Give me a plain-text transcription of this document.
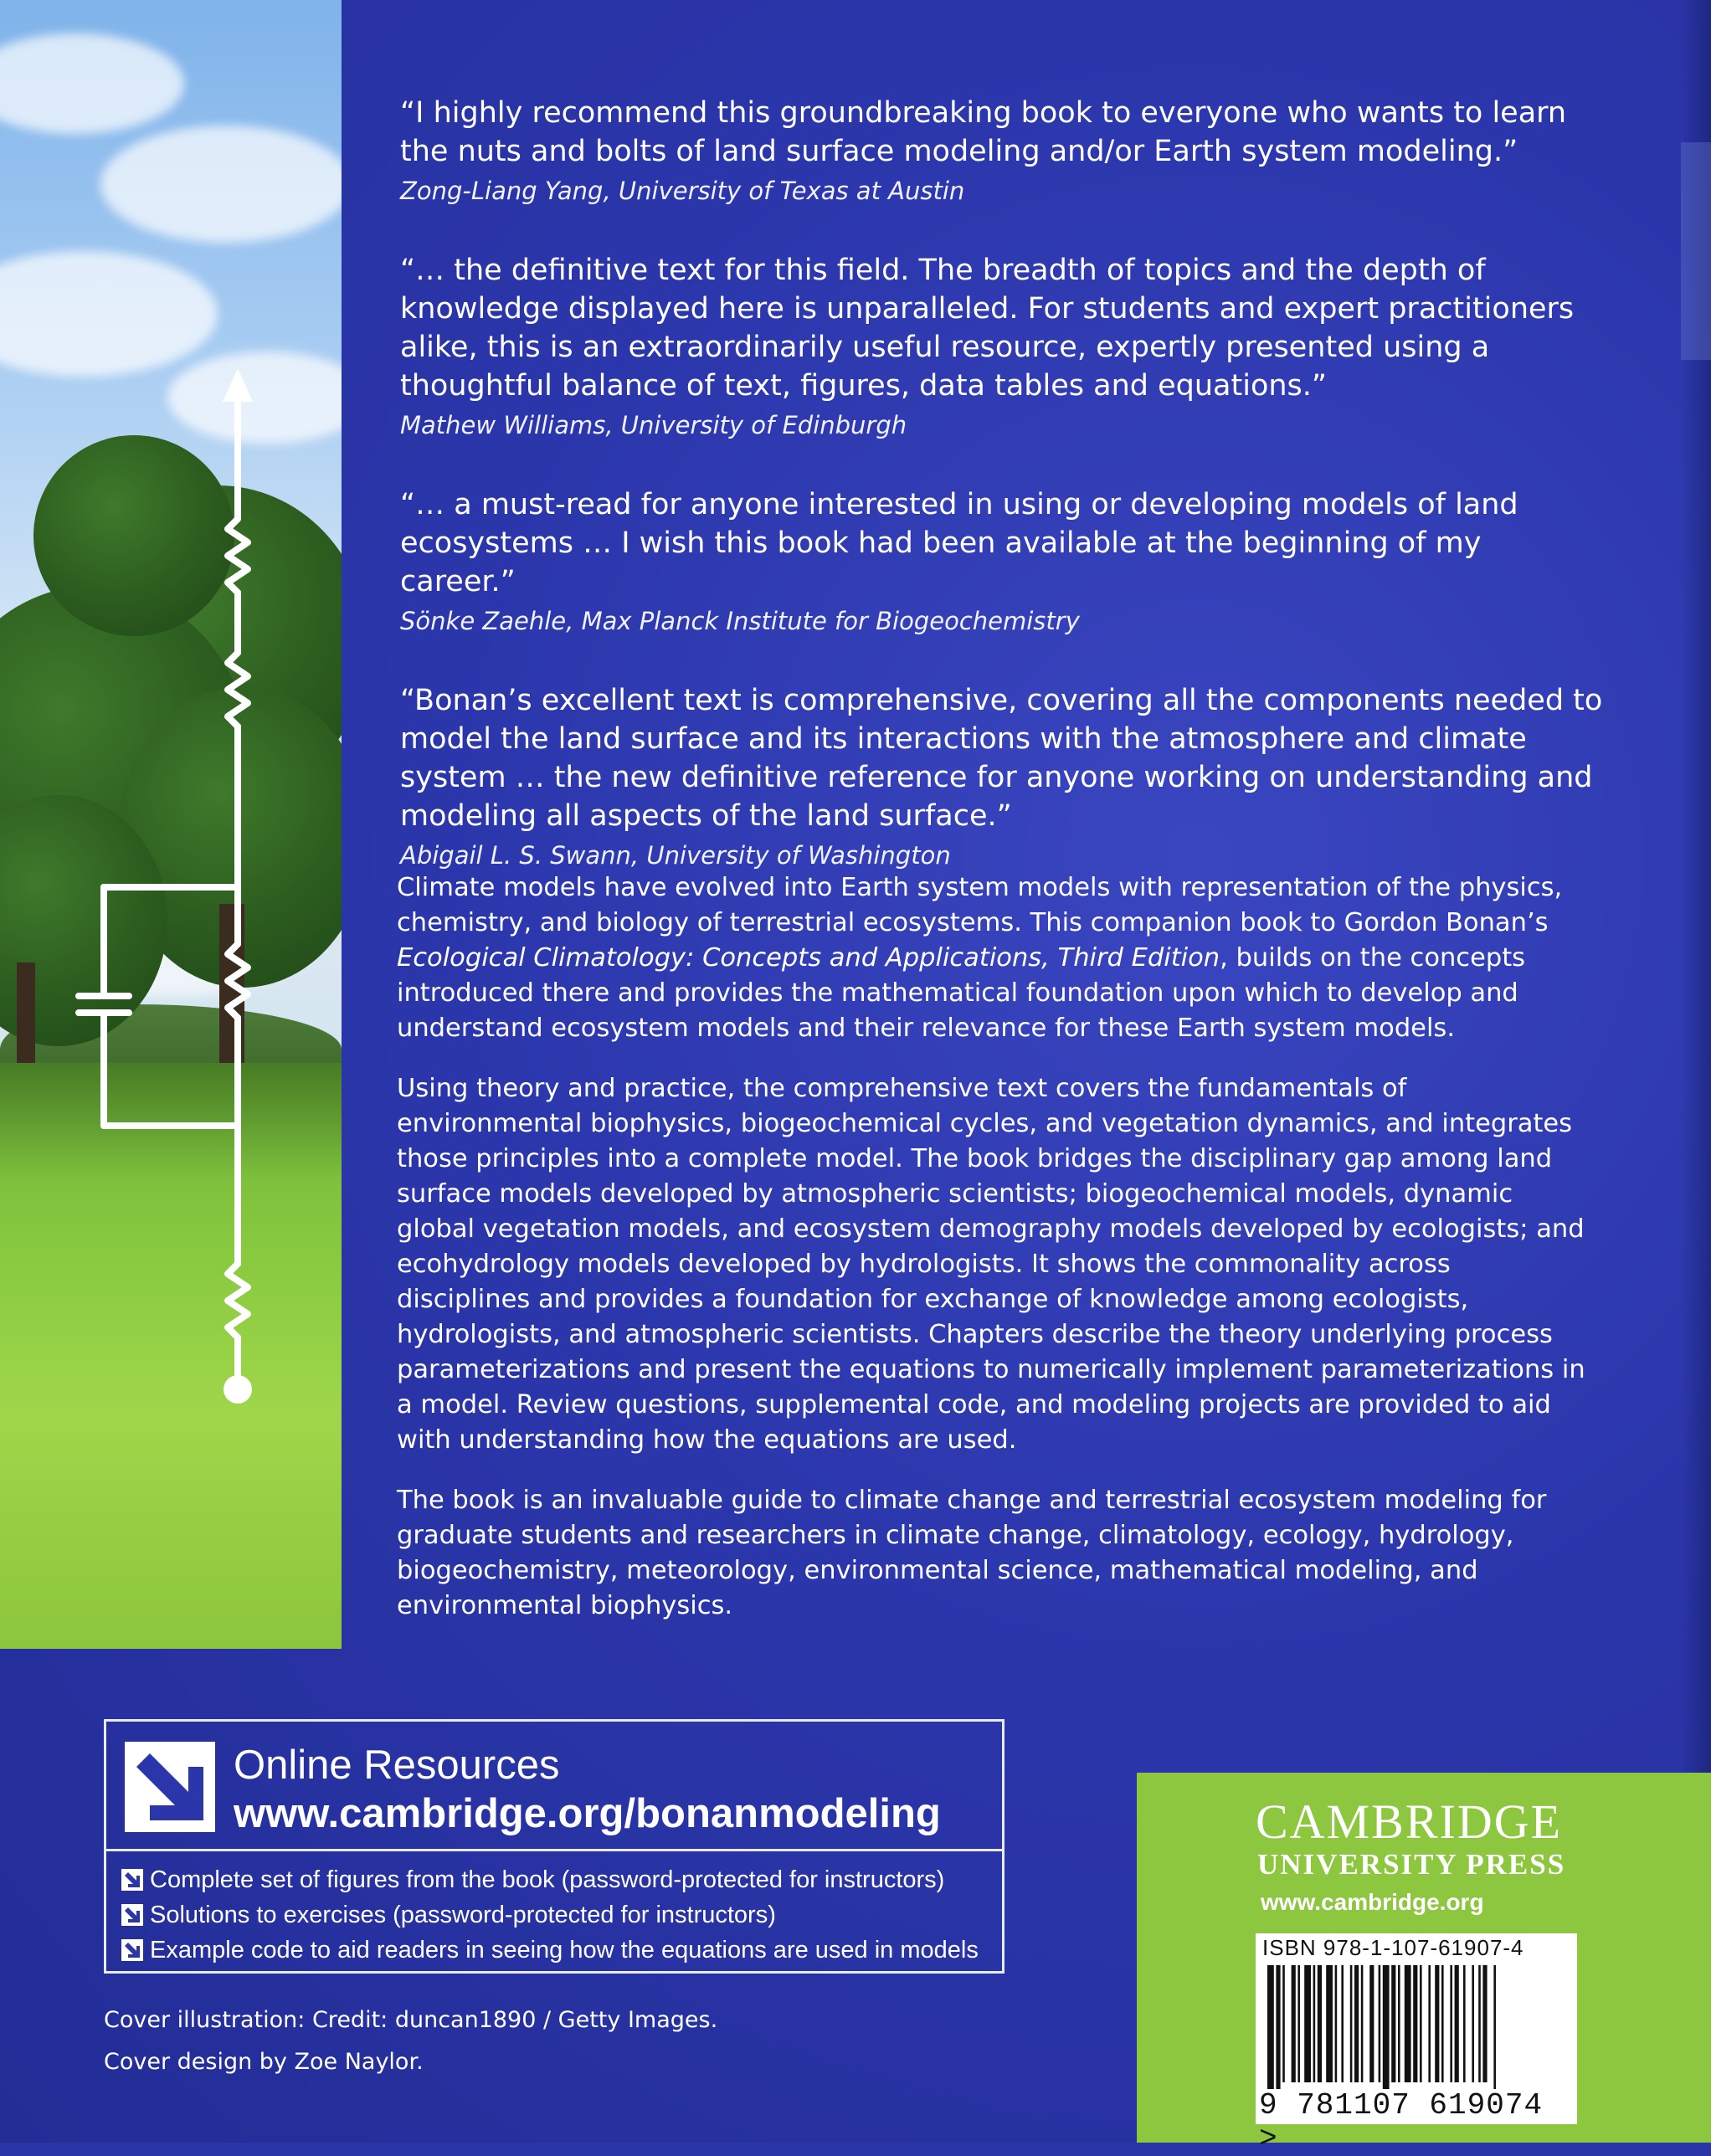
“I highly recommend this groundbreaking book to everyone who wants to learn the nuts and bolts of land surface modeling and/or Earth system modeling.”

Zong-Liang Yang, University of Texas at Austin

“… the definitive text for this field. The breadth of topics and the depth of knowledge displayed here is unparalleled. For students and expert practitioners alike, this is an extraordinarily useful resource, expertly presented using a thoughtful balance of text, figures, data tables and equations.”

Mathew Williams, University of Edinburgh

“… a must-read for anyone interested in using or developing models of land ecosystems … I wish this book had been available at the beginning of my career.”

Sönke Zaehle, Max Planck Institute for Biogeochemistry

“Bonan’s excellent text is comprehensive, covering all the components needed to model the land surface and its interactions with the atmosphere and climate system … the new definitive reference for anyone working on understanding and modeling all aspects of the land surface.”

Abigail L. S. Swann, University of Washington

Climate models have evolved into Earth system models with representation of the physics, chemistry, and biology of terrestrial ecosystems. This companion book to Gordon Bonan’s Ecological Climatology: Concepts and Applications, Third Edition, builds on the concepts introduced there and provides the mathematical foundation upon which to develop and understand ecosystem models and their relevance for these Earth system models.

Using theory and practice, the comprehensive text covers the fundamentals of environmental biophysics, biogeochemical cycles, and vegetation dynamics, and integrates those principles into a complete model. The book bridges the disciplinary gap among land surface models developed by atmospheric scientists; biogeochemical models, dynamic global vegetation models, and ecosystem demography models developed by ecologists; and ecohydrology models developed by hydrologists. It shows the commonality across disciplines and provides a foundation for exchange of knowledge among ecologists, hydrologists, and atmospheric scientists. Chapters describe the theory underlying process parameterizations and present the equations to numerically implement parameterizations in a model. Review questions, supplemental code, and modeling projects are provided to aid with understanding how the equations are used.

The book is an invaluable guide to climate change and terrestrial ecosystem modeling for graduate students and researchers in climate change, climatology, ecology, hydrology, biogeochemistry, meteorology, environmental science, mathematical modeling, and environmental biophysics.

Online Resources
www.cambridge.org/bonanmodeling
Complete set of figures from the book (password-protected for instructors)
Solutions to exercises (password-protected for instructors)
Example code to aid readers in seeing how the equations are used in models

Cover illustration: Credit: duncan1890 / Getty Images.

Cover design by Zoe Naylor.

CAMBRIDGE
UNIVERSITY PRESS
www.cambridge.org
ISBN 978-1-107-61907-4
9 781107 619074 >
